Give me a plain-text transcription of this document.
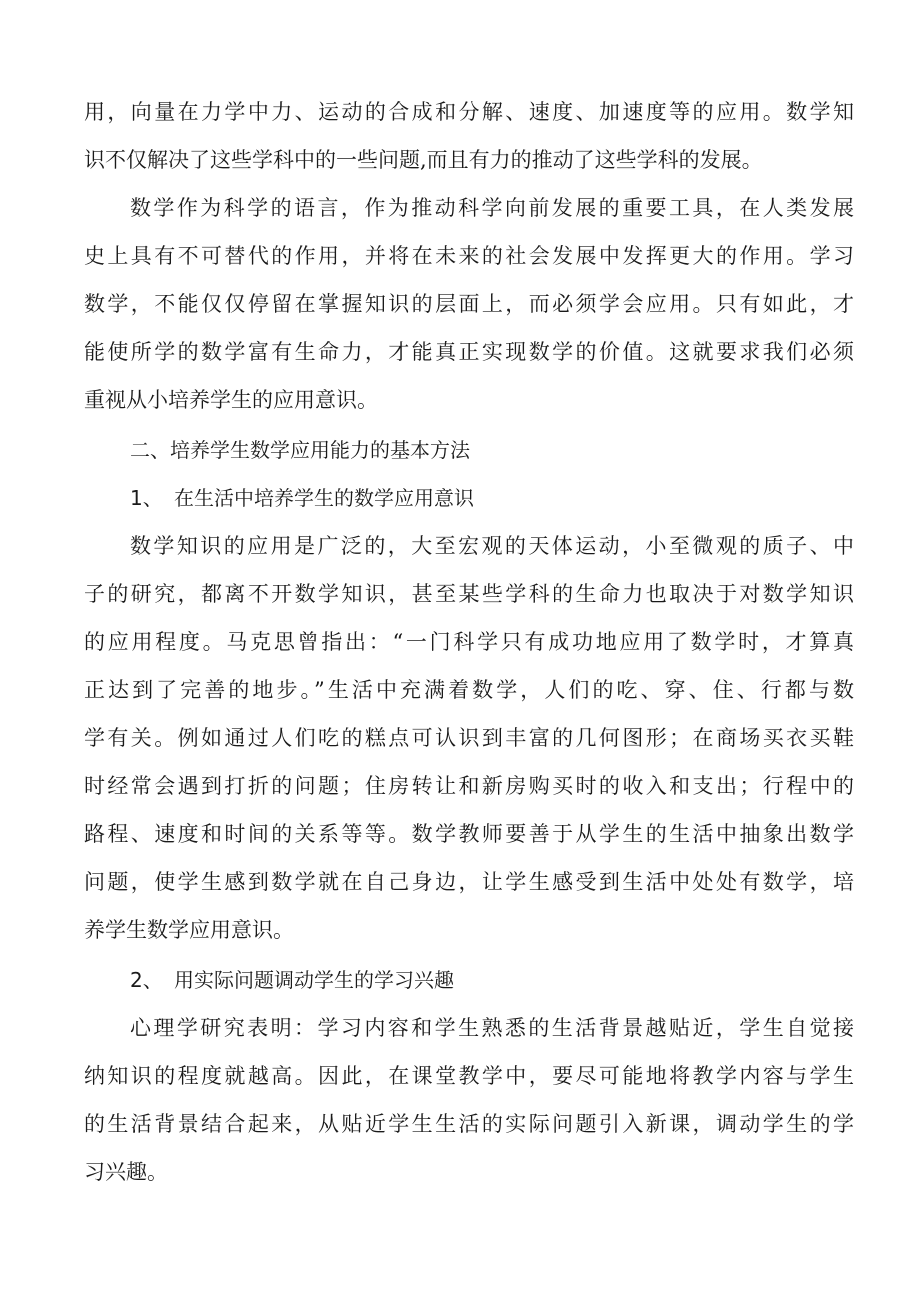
用，向量在力学中力、运动的合成和分解、速度、加速度等的应用。数学知
识不仅解决了这些学科中的一些问题,而且有力的推动了这些学科的发展。
数学作为科学的语言，作为推动科学向前发展的重要工具，在人类发展
史上具有不可替代的作用，并将在未来的社会发展中发挥更大的作用。学习
数学，不能仅仅停留在掌握知识的层面上，而必须学会应用。只有如此，才
能使所学的数学富有生命力，才能真正实现数学的价值。这就要求我们必须
重视从小培养学生的应用意识。
二、培养学生数学应用能力的基本方法
1、 在生活中培养学生的数学应用意识
数学知识的应用是广泛的，大至宏观的天体运动，小至微观的质子、中
子的研究，都离不开数学知识，甚至某些学科的生命力也取决于对数学知识
的应用程度。马克思曾指出：“一门科学只有成功地应用了数学时，才算真
正达到了完善的地步。”生活中充满着数学，人们的吃、穿、住、行都与数
学有关。例如通过人们吃的糕点可认识到丰富的几何图形；在商场买衣买鞋
时经常会遇到打折的问题；住房转让和新房购买时的收入和支出；行程中的
路程、速度和时间的关系等等。数学教师要善于从学生的生活中抽象出数学
问题，使学生感到数学就在自己身边，让学生感受到生活中处处有数学，培
养学生数学应用意识。
2、 用实际问题调动学生的学习兴趣
心理学研究表明：学习内容和学生熟悉的生活背景越贴近，学生自觉接
纳知识的程度就越高。因此，在课堂教学中，要尽可能地将教学内容与学生
的生活背景结合起来，从贴近学生生活的实际问题引入新课，调动学生的学
习兴趣。
